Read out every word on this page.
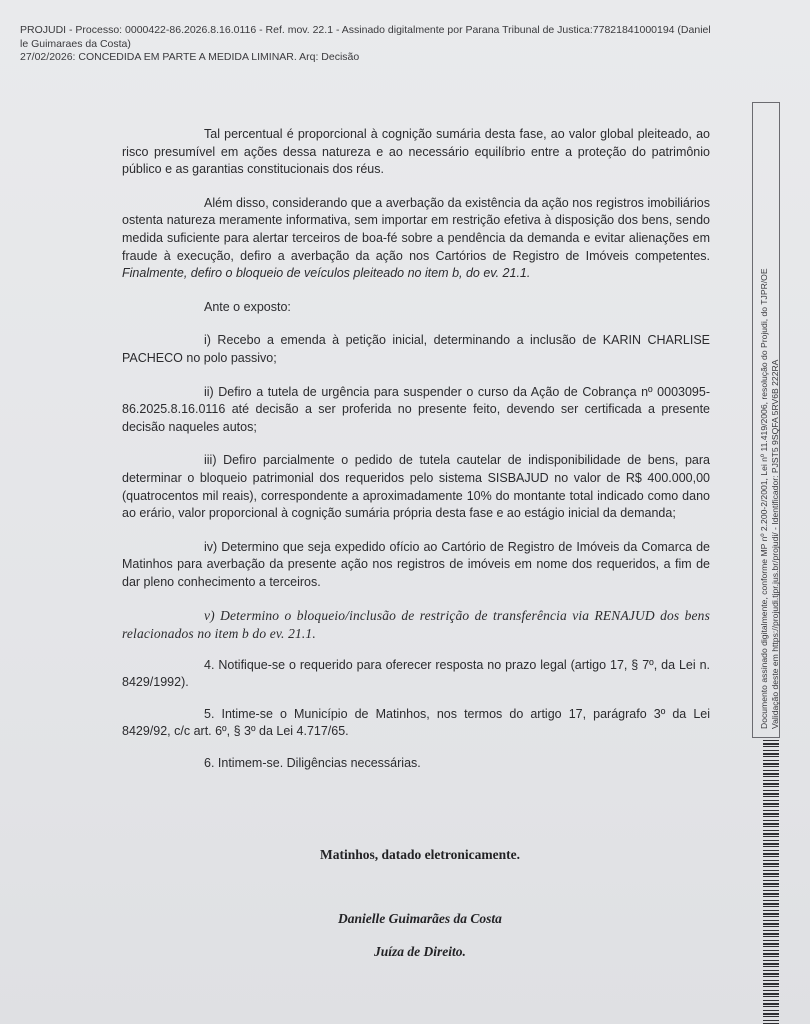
PROJUDI - Processo: 0000422-86.2026.8.16.0116 - Ref. mov. 22.1 - Assinado digitalmente por Parana Tribunal de Justica:77821841000194 (Daniel
le Guimaraes da Costa)
27/02/2026: CONCEDIDA EM PARTE A MEDIDA LIMINAR. Arq: Decisão

Tal percentual é proporcional à cognição sumária desta fase, ao valor global pleiteado, ao risco presumível em ações dessa natureza e ao necessário equilíbrio entre a proteção do patrimônio público e as garantias constitucionais dos réus.

Além disso, considerando que a averbação da existência da ação nos registros imobiliários ostenta natureza meramente informativa, sem importar em restrição efetiva à disposição dos bens, sendo medida suficiente para alertar terceiros de boa-fé sobre a pendência da demanda e evitar alienações em fraude à execução, defiro a averbação da ação nos Cartórios de Registro de Imóveis competentes. Finalmente, defiro o bloqueio de veículos pleiteado no item b, do ev. 21.1.

Ante o exposto:

i) Recebo a emenda à petição inicial, determinando a inclusão de KARIN CHARLISE PACHECO no polo passivo;

ii) Defiro a tutela de urgência para suspender o curso da Ação de Cobrança nº 0003095-86.2025.8.16.0116 até decisão a ser proferida no presente feito, devendo ser certificada a presente decisão naqueles autos;

iii) Defiro parcialmente o pedido de tutela cautelar de indisponibilidade de bens, para determinar o bloqueio patrimonial dos requeridos pelo sistema SISBAJUD no valor de R$ 400.000,00 (quatrocentos mil reais), correspondente a aproximadamente 10% do montante total indicado como dano ao erário, valor proporcional à cognição sumária própria desta fase e ao estágio inicial da demanda;

iv) Determino que seja expedido ofício ao Cartório de Registro de Imóveis da Comarca de Matinhos para averbação da presente ação nos registros de imóveis em nome dos requeridos, a fim de dar pleno conhecimento a terceiros.

v) Determino o bloqueio/inclusão de restrição de transferência via RENAJUD dos bens relacionados no item b do ev. 21.1.

4. Notifique-se o requerido para oferecer resposta no prazo legal (artigo 17, § 7º, da Lei n. 8429/1992).

5. Intime-se o Município de Matinhos, nos termos do artigo 17, parágrafo 3º da Lei 8429/92, c/c art. 6º, § 3º da Lei 4.717/65.

6. Intimem-se. Diligências necessárias.

Matinhos, datado eletronicamente.
Danielle Guimarães da Costa
Juíza de Direito.
Documento assinado digitalmente, conforme MP nº 2.200-2/2001, Lei nº 11.419/2006, resolução do Projudi, do TJPR/OE Validação deste em https://projudi.tjpr.jus.br/projudi/ - Identificador: PJST5 9SQFA 5RV6B 222RA
